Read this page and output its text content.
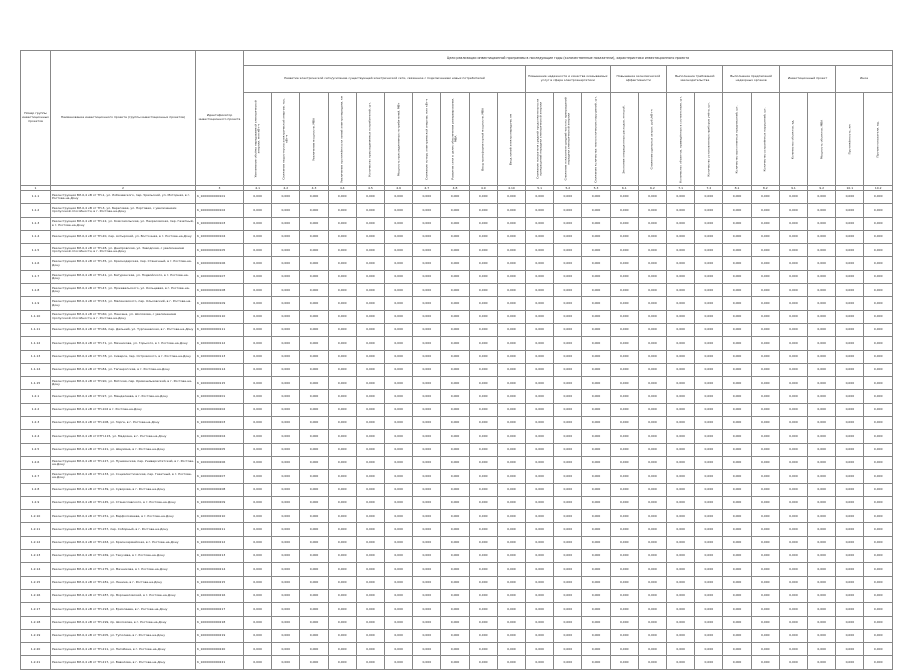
Номер группы инвестиционных проектов	Наименование инвестиционного проекта (группы инвестиционных проектов)	Идентификатор инвестиционного проекта	Цели реализации инвестиционной программы в последующие годы (количественные показатели), характеристики инвестиционного проекта																						
			Развитие электрической сети/усиление существующей электрической сети, связанное с подключением новых потребителей										Повышение надежности и качества оказываемых услуг в сфере электроэнергетики			Повышение экономической эффективности		Выполнение требований законодательства		Выполнение предписаний надзорных органов		Инвестиционный проект		Иное	

			Увеличение объёма передаваемой электрической энергии, млн кВт·ч	Снижение недоотпуска электрической энергии, тыс. кВт·ч	Увеличение мощности, МВА	Увеличение протяжённости линий электропередачи, км	Количество присоединяемых потребителей, шт.	Мощность присоединяемых потребителей, МВт	Снижение потерь электрической энергии, млн кВт·ч	Развитие сети в целях обеспечения резервирования, МВА	Ввод трансформаторной мощности, МВА	Ввод линий электропередачи, км	Снижение показателя средней продолжительности прекращений передачи электрической энергии	Снижение показателя средней частоты прекращений передачи электрической энергии	Снижение количества технологических нарушений, шт.	Экономия операционных расходов, млн руб.	Снижение удельных затрат, руб./кВт·ч	Количество объектов, приведённых в соответствие, шт.	Количество установленных приборов учёта, шт.	Количество выполненных предписаний, шт.	Количество устранённых нарушений, шт.	Количество объектов, ед.	Мощность объектов, МВА	Протяжённость, км	Прочие показатели, ед.

1	2	3	4.1	4.2	4.3	4.4	4.5	4.6	4.7	4.8	4.9	4.10	5.1	5.2	5.3	6.1	6.2	7.1	7.2	8.1	8.2	9.1	9.2	10.1	10.2
1.1.1	Реконструкция ВЛ-0,4 кВ от ТП-1, ул. Лобачевского, пер. Уральский, ул. Моторная, в г. Ростове-на-Дону	K_1000000000101	0,000	0,000	0,000	0,000	0,000	0,000	0,000	0,000	0,000	0,000	0,000	0,000	0,000	0,000	0,000	0,000	0,000	0,000	0,000	0,000	0,000	0,000	0,000
1.1.2	Реконструкция ВЛ-0,4 кВ от ТП-3, ул. Береговая, ул. Портовая, с увеличением пропускной способности, в г. Ростове-на-Дону	K_1000000000102	0,000	0,000	0,000	0,000	0,000	0,000	0,000	0,000	0,000	0,000	0,000	0,000	0,000	0,000	0,000	0,000	0,000	0,000	0,000	0,000	0,000	0,000	0,000
1.1.3	Реконструкция ВЛ-0,4 кВ от ТП-12, ул. Комсомольская, ул. Некрасовская, пер. Газетный, в г. Ростове-на-Дону	K_1000000000103	0,000	0,000	0,000	0,000	0,000	0,000	0,000	0,000	0,000	0,000	0,000	0,000	0,000	0,000	0,000	0,000	0,000	0,000	0,000	0,000	0,000	0,000	0,000
1.1.4	Реконструкция ВЛ-0,4 кВ от ТП-20, пер. Ахтырский, ул. Восточная, в г. Ростове-на-Дону	K_1000000000104	0,000	0,000	0,000	0,000	0,000	0,000	0,000	0,000	0,000	0,000	0,000	0,000	0,000	0,000	0,000	0,000	0,000	0,000	0,000	0,000	0,000	0,000	0,000
1.1.5	Реконструкция ВЛ-0,4 кВ от ТП-28, ул. Днепровская, ул. Заводская, с увеличением пропускной способности, в г. Ростове-на-Дону	K_1000000000105	0,000	0,000	0,000	0,000	0,000	0,000	0,000	0,000	0,000	0,000	0,000	0,000	0,000	0,000	0,000	0,000	0,000	0,000	0,000	0,000	0,000	0,000	0,000
1.1.6	Реконструкция ВЛ-0,4 кВ от ТП-35, ул. Краснодарская, пер. Станичный, в г. Ростове-на-Дону	K_1000000000106	0,000	0,000	0,000	0,000	0,000	0,000	0,000	0,000	0,000	0,000	0,000	0,000	0,000	0,000	0,000	0,000	0,000	0,000	0,000	0,000	0,000	0,000	0,000
1.1.7	Реконструкция ВЛ-0,4 кВ от ТП-41, ул. Батуринская, ул. Подвойского, в г. Ростове-на-Дону	K_1000000000107	0,000	0,000	0,000	0,000	0,000	0,000	0,000	0,000	0,000	0,000	0,000	0,000	0,000	0,000	0,000	0,000	0,000	0,000	0,000	0,000	0,000	0,000	0,000
1.1.8	Реконструкция ВЛ-0,4 кВ от ТП-47, ул. Пржевальского, ул. Кольцевая, в г. Ростове-на-Дону	K_1000000000108	0,000	0,000	0,000	0,000	0,000	0,000	0,000	0,000	0,000	0,000	0,000	0,000	0,000	0,000	0,000	0,000	0,000	0,000	0,000	0,000	0,000	0,000	0,000
1.1.9	Реконструкция ВЛ-0,4 кВ от ТП-53, ул. Малиновского, пер. Ольховский, в г. Ростове-на-Дону	K_1000000000109	0,000	0,000	0,000	0,000	0,000	0,000	0,000	0,000	0,000	0,000	0,000	0,000	0,000	0,000	0,000	0,000	0,000	0,000	0,000	0,000	0,000	0,000	0,000
1.1.10	Реконструкция ВЛ-0,4 кВ от ТП-60, ул. Нансена, ул. Шолохова, с увеличением пропускной способности, в г. Ростове-на-Дону	K_1000000000110	0,000	0,000	0,000	0,000	0,000	0,000	0,000	0,000	0,000	0,000	0,000	0,000	0,000	0,000	0,000	0,000	0,000	0,000	0,000	0,000	0,000	0,000	0,000
1.1.11	Реконструкция ВЛ-0,4 кВ от ТП-66, пер. Дальний, ул. Тургеневская, в г. Ростове-на-Дону	K_1000000000111	0,000	0,000	0,000	0,000	0,000	0,000	0,000	0,000	0,000	0,000	0,000	0,000	0,000	0,000	0,000	0,000	0,000	0,000	0,000	0,000	0,000	0,000	0,000
1.1.12	Реконструкция ВЛ-0,4 кВ от ТП-71, ул. Мечникова, ул. Горького, в г. Ростове-на-Дону	K_1000000000112	0,000	0,000	0,000	0,000	0,000	0,000	0,000	0,000	0,000	0,000	0,000	0,000	0,000	0,000	0,000	0,000	0,000	0,000	0,000	0,000	0,000	0,000	0,000
1.1.13	Реконструкция ВЛ-0,4 кВ от ТП-78, ул. Сиверса, пер. Островского, в г. Ростове-на-Дону	K_1000000000113	0,000	0,000	0,000	0,000	0,000	0,000	0,000	0,000	0,000	0,000	0,000	0,000	0,000	0,000	0,000	0,000	0,000	0,000	0,000	0,000	0,000	0,000	0,000
1.1.14	Реконструкция ВЛ-0,4 кВ от ТП-84, ул. Таганрогская, в г. Ростове-на-Дону	K_1000000000114	0,000	0,000	0,000	0,000	0,000	0,000	0,000	0,000	0,000	0,000	0,000	0,000	0,000	0,000	0,000	0,000	0,000	0,000	0,000	0,000	0,000	0,000	0,000
1.1.15	Реконструкция ВЛ-0,4 кВ от ТП-90, ул. Вятская, пер. Кривошлыковский, в г. Ростове-на-Дону	K_1000000000115	0,000	0,000	0,000	0,000	0,000	0,000	0,000	0,000	0,000	0,000	0,000	0,000	0,000	0,000	0,000	0,000	0,000	0,000	0,000	0,000	0,000	0,000	0,000
1.2.1	Реконструкция ВЛ-0,4 кВ от ТП-97, ул. Менделеева, в г. Ростове-на-Дону	K_1000000000201	0,000	0,000	0,000	0,000	0,000	0,000	0,000	0,000	0,000	0,000	0,000	0,000	0,000	0,000	0,000	0,000	0,000	0,000	0,000	0,000	0,000	0,000	0,000
1.2.2	Реконструкция ВЛ-0,4 кВ от ТП-102 в г. Ростове-на-Дону	K_1000000000202	0,000	0,000	0,000	0,000	0,000	0,000	0,000	0,000	0,000	0,000	0,000	0,000	0,000	0,000	0,000	0,000	0,000	0,000	0,000	0,000	0,000	0,000	0,000
1.2.3	Реконструкция ВЛ-0,4 кВ от ТП-108, ул. Зорге, в г. Ростове-на-Дону	K_1000000000203	0,000	0,000	0,000	0,000	0,000	0,000	0,000	0,000	0,000	0,000	0,000	0,000	0,000	0,000	0,000	0,000	0,000	0,000	0,000	0,000	0,000	0,000	0,000
1.2.4	Реконструкция ВЛ-0,4 кВ от КТП-115, ул. Мадояна, в г. Ростове-на-Дону	K_1000000000204	0,000	0,000	0,000	0,000	0,000	0,000	0,000	0,000	0,000	0,000	0,000	0,000	0,000	0,000	0,000	0,000	0,000	0,000	0,000	0,000	0,000	0,000	0,000
1.2.5	Реконструкция ВЛ-0,4 кВ от ТП-121, ул. Шаумяна, в г. Ростове-на-Дону	K_1000000000205	0,000	0,000	0,000	0,000	0,000	0,000	0,000	0,000	0,000	0,000	0,000	0,000	0,000	0,000	0,000	0,000	0,000	0,000	0,000	0,000	0,000	0,000	0,000
1.2.6	Реконструкция ВЛ-0,4 кВ от ТП-127, ул. Пушкинская, пер. Университетский, в г. Ростове-на-Дону	K_1000000000206	0,000	0,000	0,000	0,000	0,000	0,000	0,000	0,000	0,000	0,000	0,000	0,000	0,000	0,000	0,000	0,000	0,000	0,000	0,000	0,000	0,000	0,000	0,000
1.2.7	Реконструкция ВЛ-0,4 кВ от ТП-133, ул. Социалистическая, пер. Газетный, в г. Ростове-на-Дону	K_1000000000207	0,000	0,000	0,000	0,000	0,000	0,000	0,000	0,000	0,000	0,000	0,000	0,000	0,000	0,000	0,000	0,000	0,000	0,000	0,000	0,000	0,000	0,000	0,000
1.2.8	Реконструкция ВЛ-0,4 кВ от ТП-139, ул. Суворова, в г. Ростове-на-Дону	K_1000000000208	0,000	0,000	0,000	0,000	0,000	0,000	0,000	0,000	0,000	0,000	0,000	0,000	0,000	0,000	0,000	0,000	0,000	0,000	0,000	0,000	0,000	0,000	0,000
1.2.9	Реконструкция ВЛ-0,4 кВ от ТП-145, ул. Станиславского, в г. Ростове-на-Дону	K_1000000000209	0,000	0,000	0,000	0,000	0,000	0,000	0,000	0,000	0,000	0,000	0,000	0,000	0,000	0,000	0,000	0,000	0,000	0,000	0,000	0,000	0,000	0,000	0,000
1.2.10	Реконструкция ВЛ-0,4 кВ от ТП-151, ул. Варфоломеева, в г. Ростове-на-Дону	K_1000000000210	0,000	0,000	0,000	0,000	0,000	0,000	0,000	0,000	0,000	0,000	0,000	0,000	0,000	0,000	0,000	0,000	0,000	0,000	0,000	0,000	0,000	0,000	0,000
1.2.11	Реконструкция ВЛ-0,4 кВ от ТП-157, пер. Соборный, в г. Ростове-на-Дону	K_1000000000211	0,000	0,000	0,000	0,000	0,000	0,000	0,000	0,000	0,000	0,000	0,000	0,000	0,000	0,000	0,000	0,000	0,000	0,000	0,000	0,000	0,000	0,000	0,000
1.2.12	Реконструкция ВЛ-0,4 кВ от ТП-163, ул. Красноармейская, в г. Ростове-на-Дону	K_1000000000212	0,000	0,000	0,000	0,000	0,000	0,000	0,000	0,000	0,000	0,000	0,000	0,000	0,000	0,000	0,000	0,000	0,000	0,000	0,000	0,000	0,000	0,000	0,000
1.2.13	Реконструкция ВЛ-0,4 кВ от ТП-169, ул. Текучёва, в г. Ростове-на-Дону	K_1000000000213	0,000	0,000	0,000	0,000	0,000	0,000	0,000	0,000	0,000	0,000	0,000	0,000	0,000	0,000	0,000	0,000	0,000	0,000	0,000	0,000	0,000	0,000	0,000
1.2.14	Реконструкция ВЛ-0,4 кВ от ТП-175, ул. Мечникова, в г. Ростове-на-Дону	K_1000000000214	0,000	0,000	0,000	0,000	0,000	0,000	0,000	0,000	0,000	0,000	0,000	0,000	0,000	0,000	0,000	0,000	0,000	0,000	0,000	0,000	0,000	0,000	0,000
1.2.15	Реконструкция ВЛ-0,4 кВ от ТП-181, ул. Ленина, в г. Ростове-на-Дону	K_1000000000215	0,000	0,000	0,000	0,000	0,000	0,000	0,000	0,000	0,000	0,000	0,000	0,000	0,000	0,000	0,000	0,000	0,000	0,000	0,000	0,000	0,000	0,000	0,000
1.2.16	Реконструкция ВЛ-0,4 кВ от ТП-187, пр. Ворошиловский, в г. Ростове-на-Дону	K_1000000000216	0,000	0,000	0,000	0,000	0,000	0,000	0,000	0,000	0,000	0,000	0,000	0,000	0,000	0,000	0,000	0,000	0,000	0,000	0,000	0,000	0,000	0,000	0,000
1.2.17	Реконструкция ВЛ-0,4 кВ от ТП-193, ул. Ермолаева, в г. Ростове-на-Дону	K_1000000000217	0,000	0,000	0,000	0,000	0,000	0,000	0,000	0,000	0,000	0,000	0,000	0,000	0,000	0,000	0,000	0,000	0,000	0,000	0,000	0,000	0,000	0,000	0,000
1.2.18	Реконструкция ВЛ-0,4 кВ от ТП-199, пр. Шолохова, в г. Ростове-на-Дону	K_1000000000218	0,000	0,000	0,000	0,000	0,000	0,000	0,000	0,000	0,000	0,000	0,000	0,000	0,000	0,000	0,000	0,000	0,000	0,000	0,000	0,000	0,000	0,000	0,000
1.2.19	Реконструкция ВЛ-0,4 кВ от ТП-205, ул. Туполева, в г. Ростове-на-Дону	K_1000000000219	0,000	0,000	0,000	0,000	0,000	0,000	0,000	0,000	0,000	0,000	0,000	0,000	0,000	0,000	0,000	0,000	0,000	0,000	0,000	0,000	0,000	0,000	0,000
1.2.20	Реконструкция ВЛ-0,4 кВ от ТП-211, ул. Нагибина, в г. Ростове-на-Дону	K_1000000000220	0,000	0,000	0,000	0,000	0,000	0,000	0,000	0,000	0,000	0,000	0,000	0,000	0,000	0,000	0,000	0,000	0,000	0,000	0,000	0,000	0,000	0,000	0,000
1.2.21	Реконструкция ВЛ-0,4 кВ от ТП-217, ул. Вавилова, в г. Ростове-на-Дону	K_1000000000221	0,000	0,000	0,000	0,000	0,000	0,000	0,000	0,000	0,000	0,000	0,000	0,000	0,000	0,000	0,000	0,000	0,000	0,000	0,000	0,000	0,000	0,000	0,000
